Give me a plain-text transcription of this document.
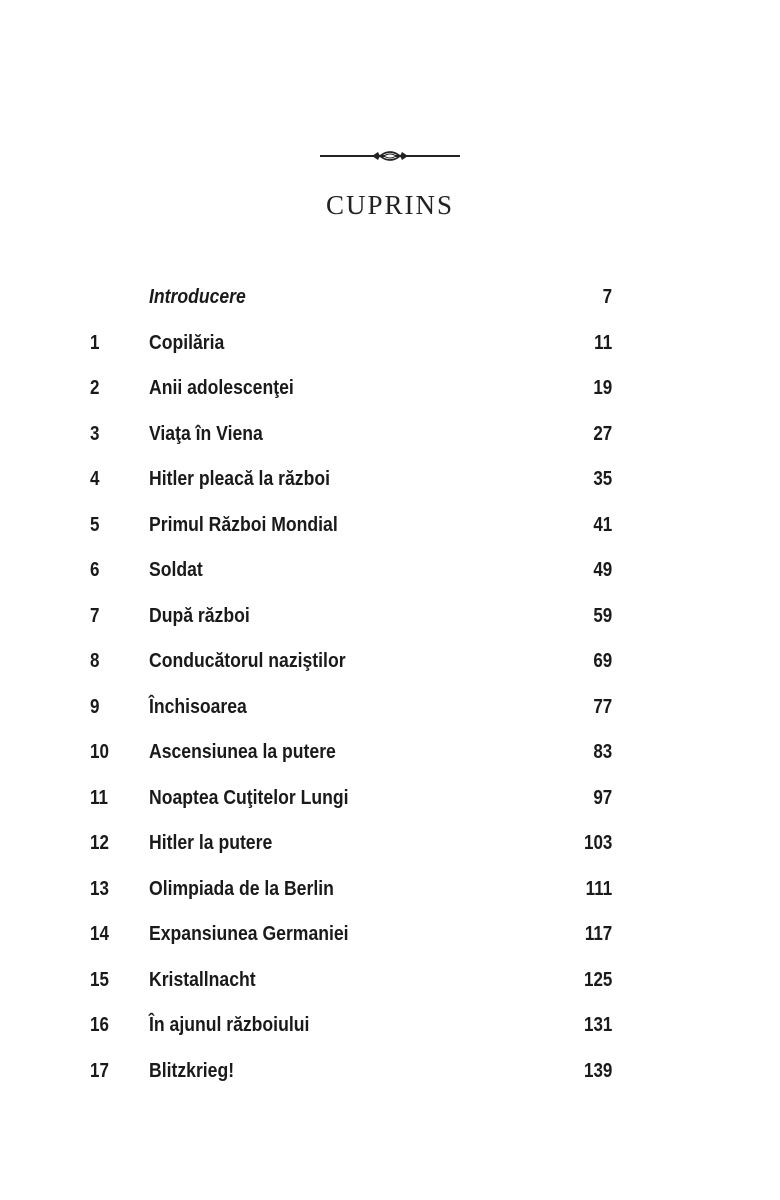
CUPRINS
Introducere	7
1 Copilăria	11
2 Anii adolescenţei	19
3 Viaţa în Viena	27
4 Hitler pleacă la război	35
5 Primul Război Mondial	41
6 Soldat	49
7 După război	59
8 Conducătorul naziştilor	69
9 Închisoarea	77
10 Ascensiunea la putere	83
11 Noaptea Cuţitelor Lungi	97
12 Hitler la putere	103
13 Olimpiada de la Berlin	111
14 Expansiunea Germaniei	117
15 Kristallnacht	125
16 În ajunul războiului	131
17 Blitzkrieg!	139
